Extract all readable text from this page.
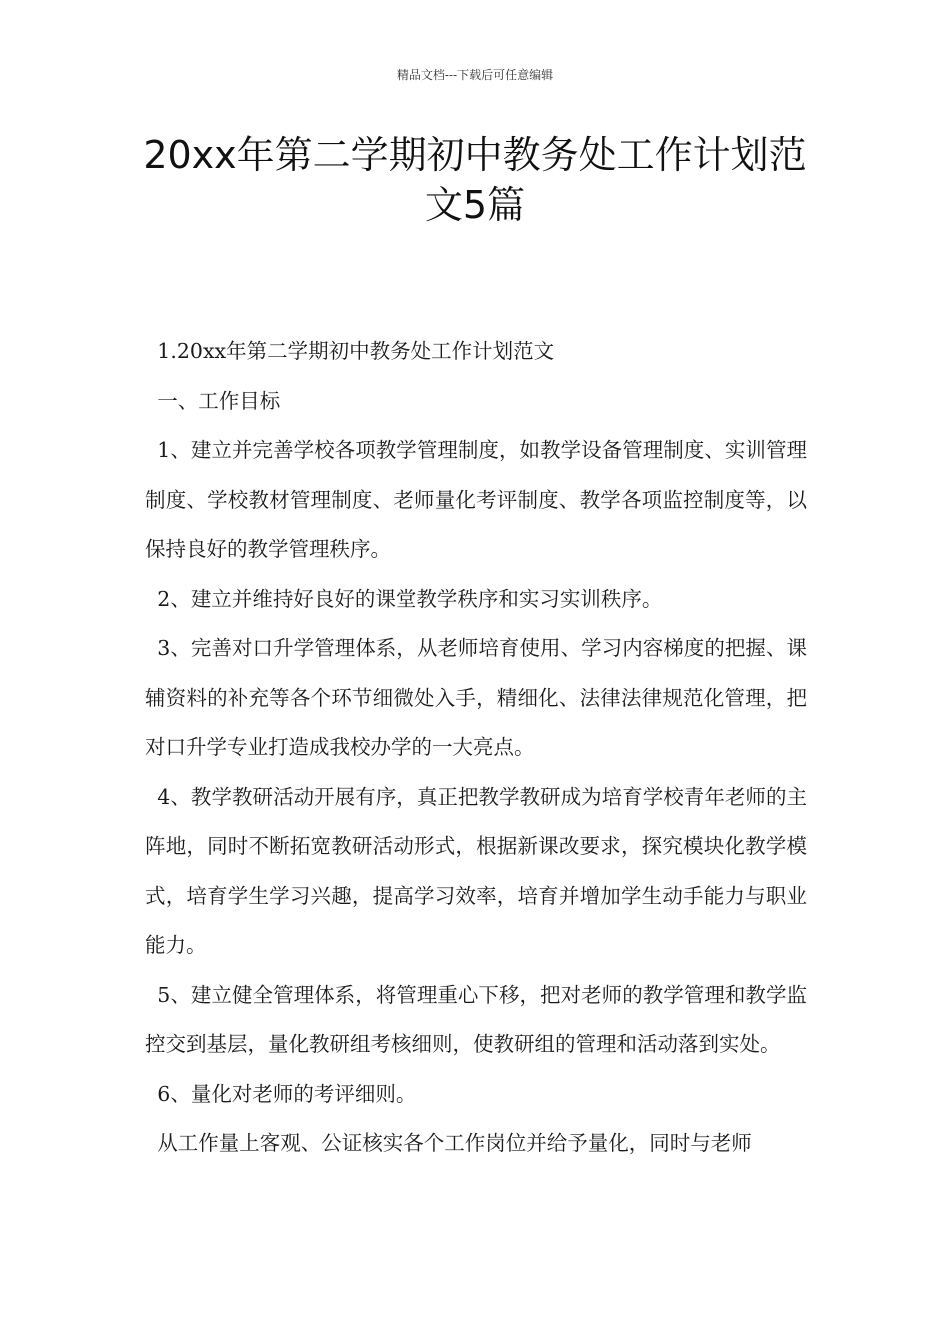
精品文档---下载后可任意编辑
20xx年第二学期初中教务处工作计划范文5篇

1.20xx年第二学期初中教务处工作计划范文

一、工作目标

1、建立并完善学校各项教学管理制度，如教学设备管理制度、实训管理制度、学校教材管理制度、老师量化考评制度、教学各项监控制度等，以保持良好的教学管理秩序。

2、建立并维持好良好的课堂教学秩序和实习实训秩序。

3、完善对口升学管理体系，从老师培育使用、学习内容梯度的把握、课辅资料的补充等各个环节细微处入手，精细化、法律法律规范化管理，把对口升学专业打造成我校办学的一大亮点。

4、教学教研活动开展有序，真正把教学教研成为培育学校青年老师的主阵地，同时不断拓宽教研活动形式，根据新课改要求，探究模块化教学模式，培育学生学习兴趣，提高学习效率，培育并增加学生动手能力与职业能力。

5、建立健全管理体系，将管理重心下移，把对老师的教学管理和教学监控交到基层，量化教研组考核细则，使教研组的管理和活动落到实处。

6、量化对老师的考评细则。

从工作量上客观、公证核实各个工作岗位并给予量化，同时与老师
